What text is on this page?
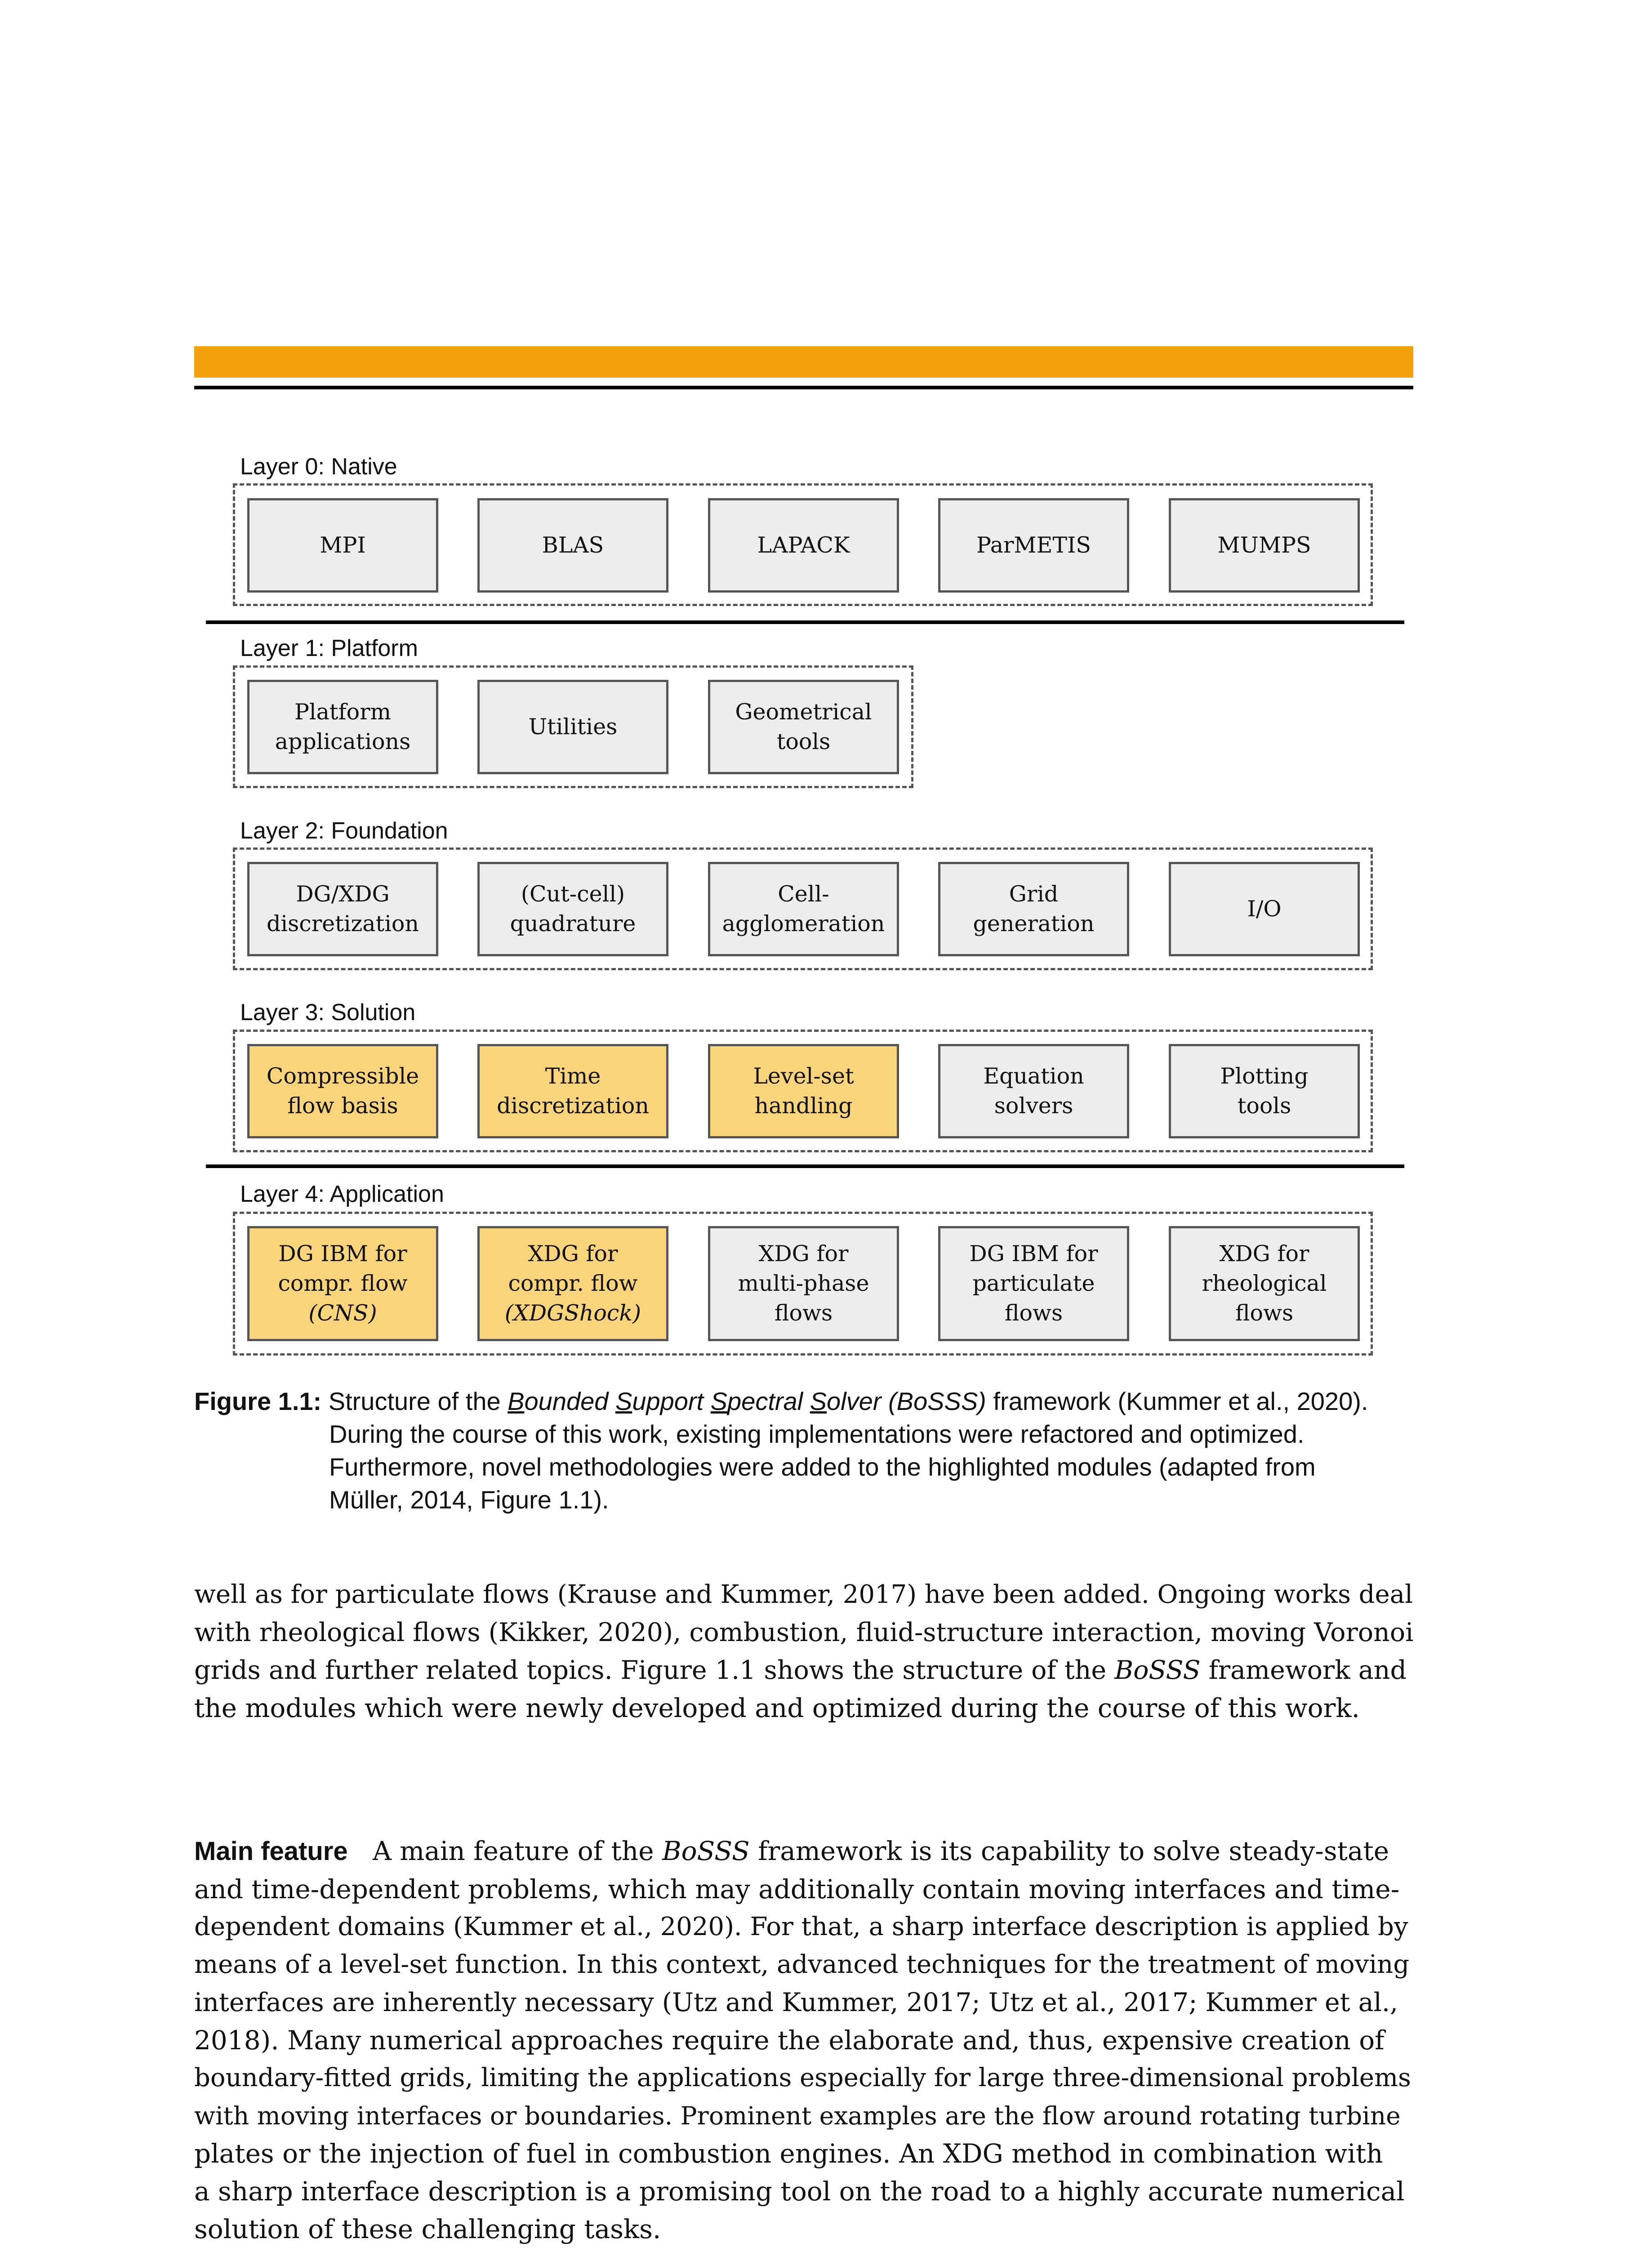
Layer 0: Native
MPI	BLAS	LAPACK	ParMETIS	MUMPS
Layer 1: Platform
Platform
applications
Utilities
Geometrical
tools
Layer 2: Foundation
DG/XDG
discretization
(Cut-cell)
quadrature
Cell-
agglomeration
Grid
generation
I/O
Layer 3: Solution
Compressible
flow basis
Time
discretization
Level-set
handling
Equation
solvers
Plotting
tools
Layer 4: Application
DG IBM for
compr. flow
(CNS)
XDG for
compr. flow
(XDGShock)
XDG for
multi-phase
flows
DG IBM for
particulate
flows
XDG for
rheological
flows
Figure 1.1: Structure of the Bounded Support Spectral Solver (BoSSS) framework (Kummer et al., 2020).
During the course of this work, existing implementations were refactored and optimized.
Furthermore, novel methodologies were added to the highlighted modules (adapted from
Müller, 2014, Figure 1.1).
well as for particulate flows (Krause and Kummer, 2017) have been added. Ongoing works deal
with rheological flows (Kikker, 2020), combustion, fluid-structure interaction, moving Voronoi
grids and further related topics. Figure 1.1 shows the structure of the BoSSS framework and
the modules which were newly developed and optimized during the course of this work.
Main feature A main feature of the BoSSS framework is its capability to solve steady-state
and time-dependent problems, which may additionally contain moving interfaces and time-
dependent domains (Kummer et al., 2020). For that, a sharp interface description is applied by
means of a level-set function. In this context, advanced techniques for the treatment of moving
interfaces are inherently necessary (Utz and Kummer, 2017; Utz et al., 2017; Kummer et al.,
2018). Many numerical approaches require the elaborate and, thus, expensive creation of
boundary-fitted grids, limiting the applications especially for large three-dimensional problems
with moving interfaces or boundaries. Prominent examples are the flow around rotating turbine
plates or the injection of fuel in combustion engines. An XDG method in combination with
a sharp interface description is a promising tool on the road to a highly accurate numerical
solution of these challenging tasks.
